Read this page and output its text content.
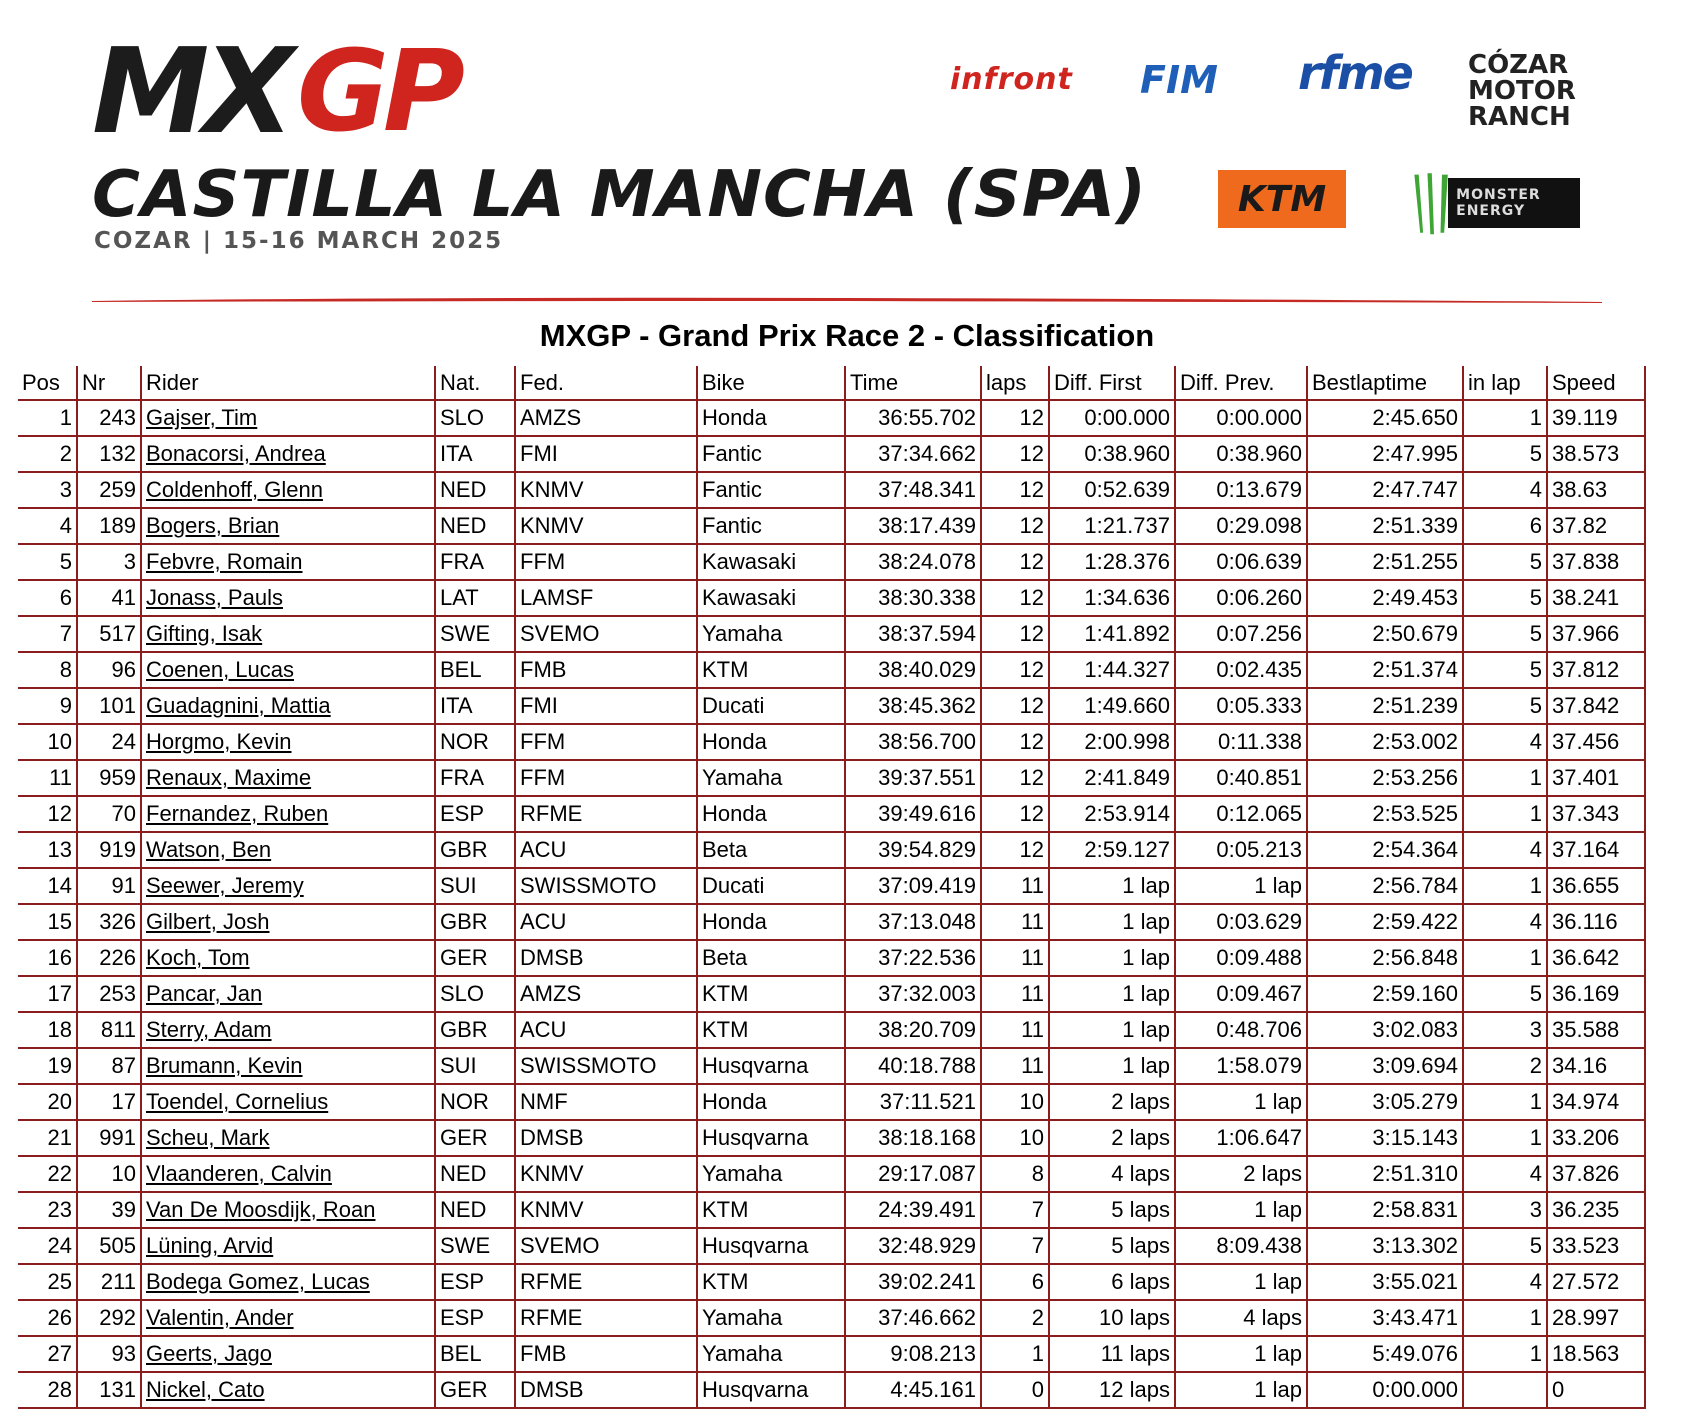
MX GP
CASTILLA LA MANCHA (SPA)
COZAR | 15-16 MARCH 2025
infront FIM rfme CÓZAR MOTOR RANCH
KTM	MONSTER ENERGY
MXGP - Grand Prix Race 2 - Classification
Pos	Nr	Rider	Nat.	Fed.	Bike	Time	laps	Diff. First	Diff. Prev.	Bestlaptime	in lap	Speed
1	243	Gajser, Tim	SLO	AMZS	Honda	36:55.702	12	0:00.000	0:00.000	2:45.650	1	39.119
2	132	Bonacorsi, Andrea	ITA	FMI	Fantic	37:34.662	12	0:38.960	0:38.960	2:47.995	5	38.573
3	259	Coldenhoff, Glenn	NED	KNMV	Fantic	37:48.341	12	0:52.639	0:13.679	2:47.747	4	38.63
4	189	Bogers, Brian	NED	KNMV	Fantic	38:17.439	12	1:21.737	0:29.098	2:51.339	6	37.82
5	3	Febvre, Romain	FRA	FFM	Kawasaki	38:24.078	12	1:28.376	0:06.639	2:51.255	5	37.838
6	41	Jonass, Pauls	LAT	LAMSF	Kawasaki	38:30.338	12	1:34.636	0:06.260	2:49.453	5	38.241
7	517	Gifting, Isak	SWE	SVEMO	Yamaha	38:37.594	12	1:41.892	0:07.256	2:50.679	5	37.966
8	96	Coenen, Lucas	BEL	FMB	KTM	38:40.029	12	1:44.327	0:02.435	2:51.374	5	37.812
9	101	Guadagnini, Mattia	ITA	FMI	Ducati	38:45.362	12	1:49.660	0:05.333	2:51.239	5	37.842
10	24	Horgmo, Kevin	NOR	FFM	Honda	38:56.700	12	2:00.998	0:11.338	2:53.002	4	37.456
11	959	Renaux, Maxime	FRA	FFM	Yamaha	39:37.551	12	2:41.849	0:40.851	2:53.256	1	37.401
12	70	Fernandez, Ruben	ESP	RFME	Honda	39:49.616	12	2:53.914	0:12.065	2:53.525	1	37.343
13	919	Watson, Ben	GBR	ACU	Beta	39:54.829	12	2:59.127	0:05.213	2:54.364	4	37.164
14	91	Seewer, Jeremy	SUI	SWISSMOTO	Ducati	37:09.419	11	1 lap	1 lap	2:56.784	1	36.655
15	326	Gilbert, Josh	GBR	ACU	Honda	37:13.048	11	1 lap	0:03.629	2:59.422	4	36.116
16	226	Koch, Tom	GER	DMSB	Beta	37:22.536	11	1 lap	0:09.488	2:56.848	1	36.642
17	253	Pancar, Jan	SLO	AMZS	KTM	37:32.003	11	1 lap	0:09.467	2:59.160	5	36.169
18	811	Sterry, Adam	GBR	ACU	KTM	38:20.709	11	1 lap	0:48.706	3:02.083	3	35.588
19	87	Brumann, Kevin	SUI	SWISSMOTO	Husqvarna	40:18.788	11	1 lap	1:58.079	3:09.694	2	34.16
20	17	Toendel, Cornelius	NOR	NMF	Honda	37:11.521	10	2 laps	1 lap	3:05.279	1	34.974
21	991	Scheu, Mark	GER	DMSB	Husqvarna	38:18.168	10	2 laps	1:06.647	3:15.143	1	33.206
22	10	Vlaanderen, Calvin	NED	KNMV	Yamaha	29:17.087	8	4 laps	2 laps	2:51.310	4	37.826
23	39	Van De Moosdijk, Roan	NED	KNMV	KTM	24:39.491	7	5 laps	1 lap	2:58.831	3	36.235
24	505	Lüning, Arvid	SWE	SVEMO	Husqvarna	32:48.929	7	5 laps	8:09.438	3:13.302	5	33.523
25	211	Bodega Gomez, Lucas	ESP	RFME	KTM	39:02.241	6	6 laps	1 lap	3:55.021	4	27.572
26	292	Valentin, Ander	ESP	RFME	Yamaha	37:46.662	2	10 laps	4 laps	3:43.471	1	28.997
27	93	Geerts, Jago	BEL	FMB	Yamaha	9:08.213	1	11 laps	1 lap	5:49.076	1	18.563
28	131	Nickel, Cato	GER	DMSB	Husqvarna	4:45.161	0	12 laps	1 lap	0:00.000		0
